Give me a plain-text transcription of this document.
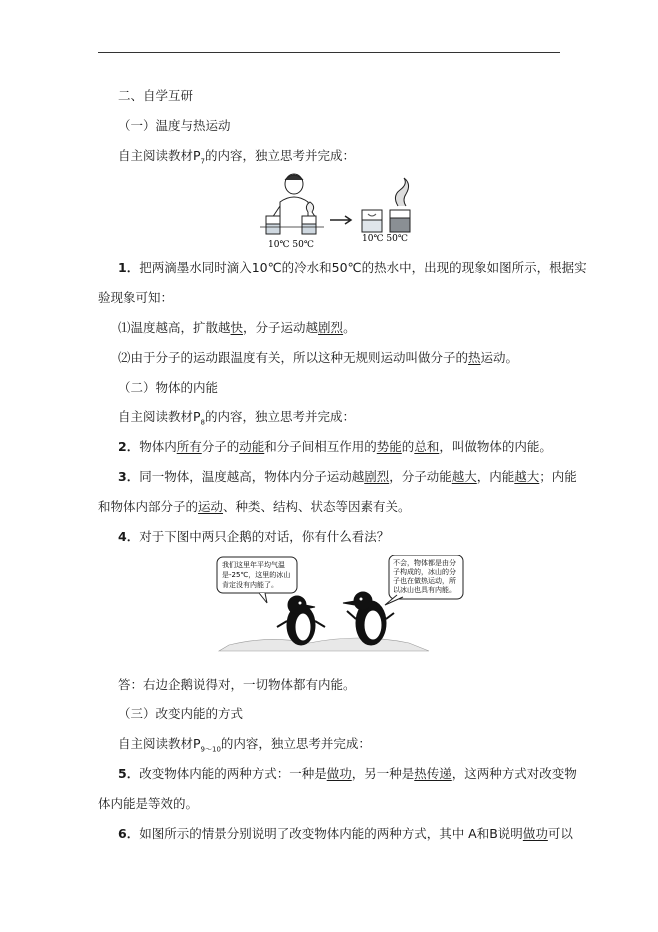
二、自学互研
（一）温度与热运动
自主阅读教材$P_7$的内容，独立思考并完成：
10℃ 50℃
10℃ 50℃
1．把两滴墨水同时滴入10℃的冷水和50℃的热水中，出现的现象如图所示，根据实
验现象可知：
⑴温度越高，扩散越快，分子运动越剧烈。
⑵由于分子的运动跟温度有关，所以这种无规则运动叫做分子的热运动。
（二）物体的内能
自主阅读教材$P_8$的内容，独立思考并完成：
2．物体内所有分子的动能和分子间相互作用的势能的总和，叫做物体的内能。
3．同一物体，温度越高，物体内分子运动越剧烈，分子动能越大，内能越大；内能
和物体内部分子的运动、种类、结构、状态等因素有关。
4．对于下图中两只企鹅的对话，你有什么看法？
我们这里年平均气温
是-25℃，这里的冰山
肯定没有内能了。
不会，物体都是由分
子构成的，冰山的分
子也在做热运动，所
以冰山也具有内能。
答：右边企鹅说得对，一切物体都有内能。
（三）改变内能的方式
自主阅读教材$P_{9\sim 10}$的内容，独立思考并完成：
5．改变物体内能的两种方式：一种是做功，另一种是热传递，这两种方式对改变物
体内能是等效的。
6．如图所示的情景分别说明了改变物体内能的两种方式，其中 A和B说明做功可以
